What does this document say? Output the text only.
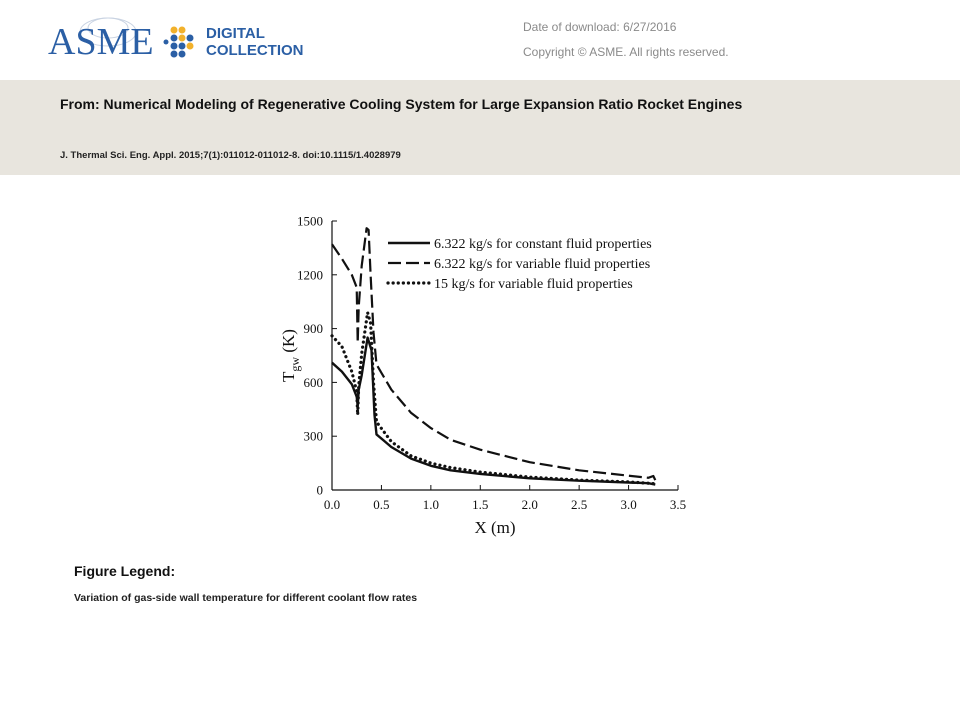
ASME	DIGITAL
COLLECTION
Date of download: 6/27/2016
Copyright © ASME. All rights reserved.
From: Numerical Modeling of Regenerative Cooling System for Large Expansion Ratio Rocket Engines
J. Thermal Sci. Eng. Appl. 2015;7(1):011012-011012-8. doi:10.1115/1.4028979
0.0	0.5	1.0	1.5	2.0	2.5	3.0	3.5
0
300
600
900
1200
1500
X (m)
$T_{gw}$ (K)
6.322 kg/s for constant fluid properties
6.322 kg/s for variable fluid properties
15 kg/s for variable fluid properties
Figure Legend:
Variation of gas-side wall temperature for different coolant flow rates
